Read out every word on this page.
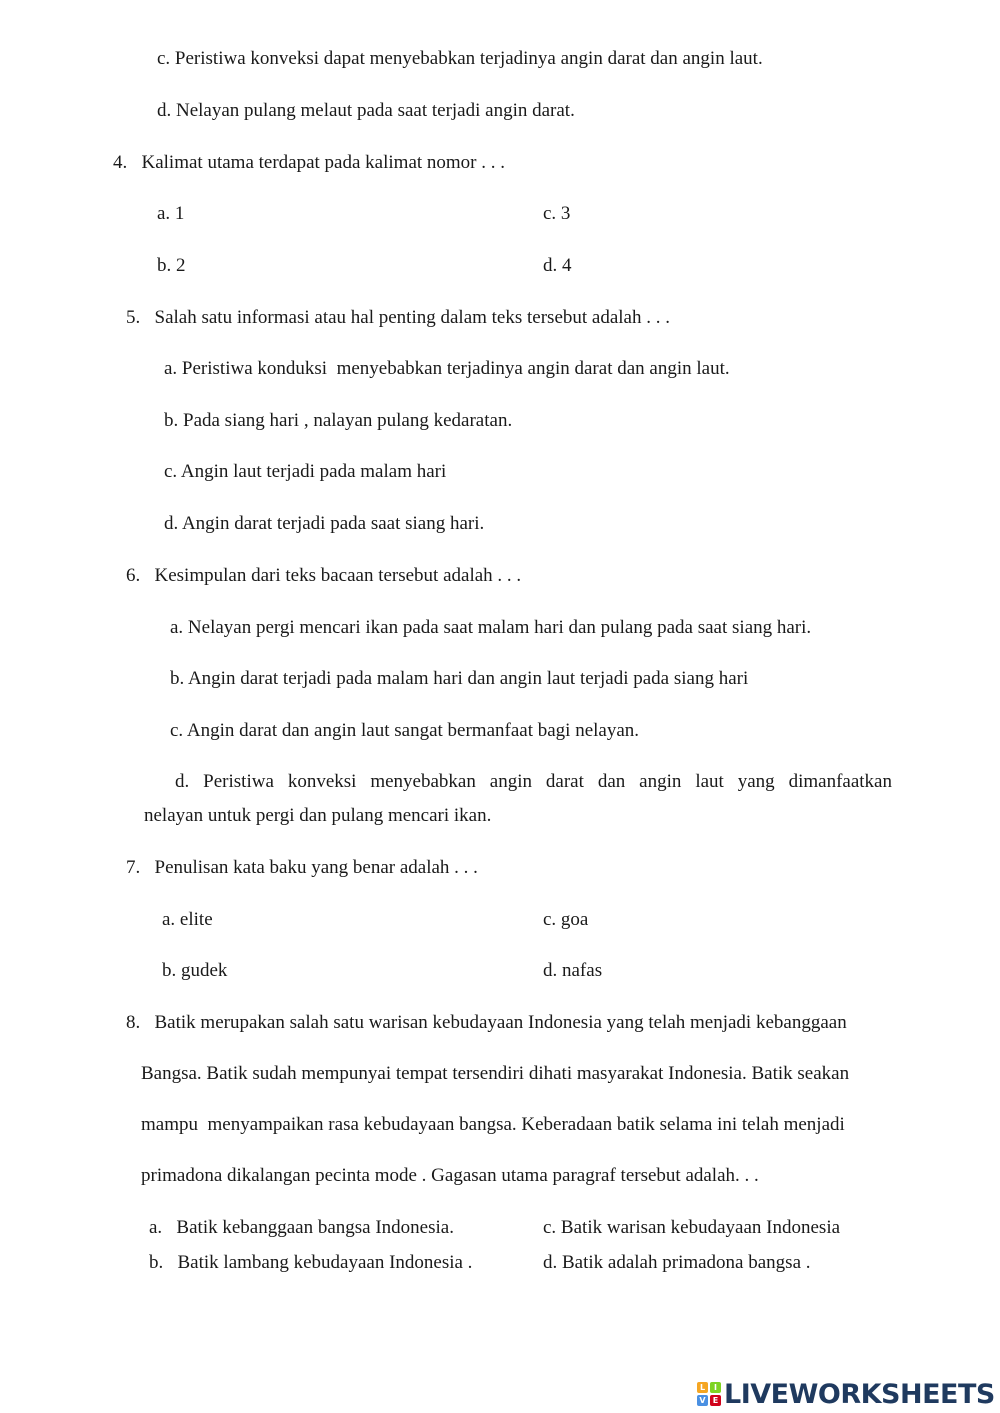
c. Peristiwa konveksi dapat menyebabkan terjadinya angin darat dan angin laut.
d. Nelayan pulang melaut pada saat terjadi angin darat.
4.   Kalimat utama terdapat pada kalimat nomor . . .
a. 1	c. 3
b. 2	d. 4
5.   Salah satu informasi atau hal penting dalam teks tersebut adalah . . .
a. Peristiwa konduksi  menyebabkan terjadinya angin darat dan angin laut.
b. Pada siang hari , nalayan pulang kedaratan.
c. Angin laut terjadi pada malam hari
d. Angin darat terjadi pada saat siang hari.
6.   Kesimpulan dari teks bacaan tersebut adalah . . .
a. Nelayan pergi mencari ikan pada saat malam hari dan pulang pada saat siang hari.
b. Angin darat terjadi pada malam hari dan angin laut terjadi pada siang hari
c. Angin darat dan angin laut sangat bermanfaat bagi nelayan.
d. Peristiwa konveksi menyebabkan angin darat dan angin laut yang dimanfaatkan
nelayan untuk pergi dan pulang mencari ikan.
7.   Penulisan kata baku yang benar adalah . . .
a. elite	c. goa
b. gudek	d. nafas
8.   Batik merupakan salah satu warisan kebudayaan Indonesia yang telah menjadi kebanggaan
Bangsa. Batik sudah mempunyai tempat tersendiri dihati masyarakat Indonesia. Batik seakan
mampu  menyampaikan rasa kebudayaan bangsa. Keberadaan batik selama ini telah menjadi
primadona dikalangan pecinta mode . Gagasan utama paragraf tersebut adalah. . .
a.   Batik kebanggaan bangsa Indonesia.	c. Batik warisan kebudayaan Indonesia
b.   Batik lambang kebudayaan Indonesia .	d. Batik adalah primadona bangsa .
L	I
V E LIVEWORKSHEETS
